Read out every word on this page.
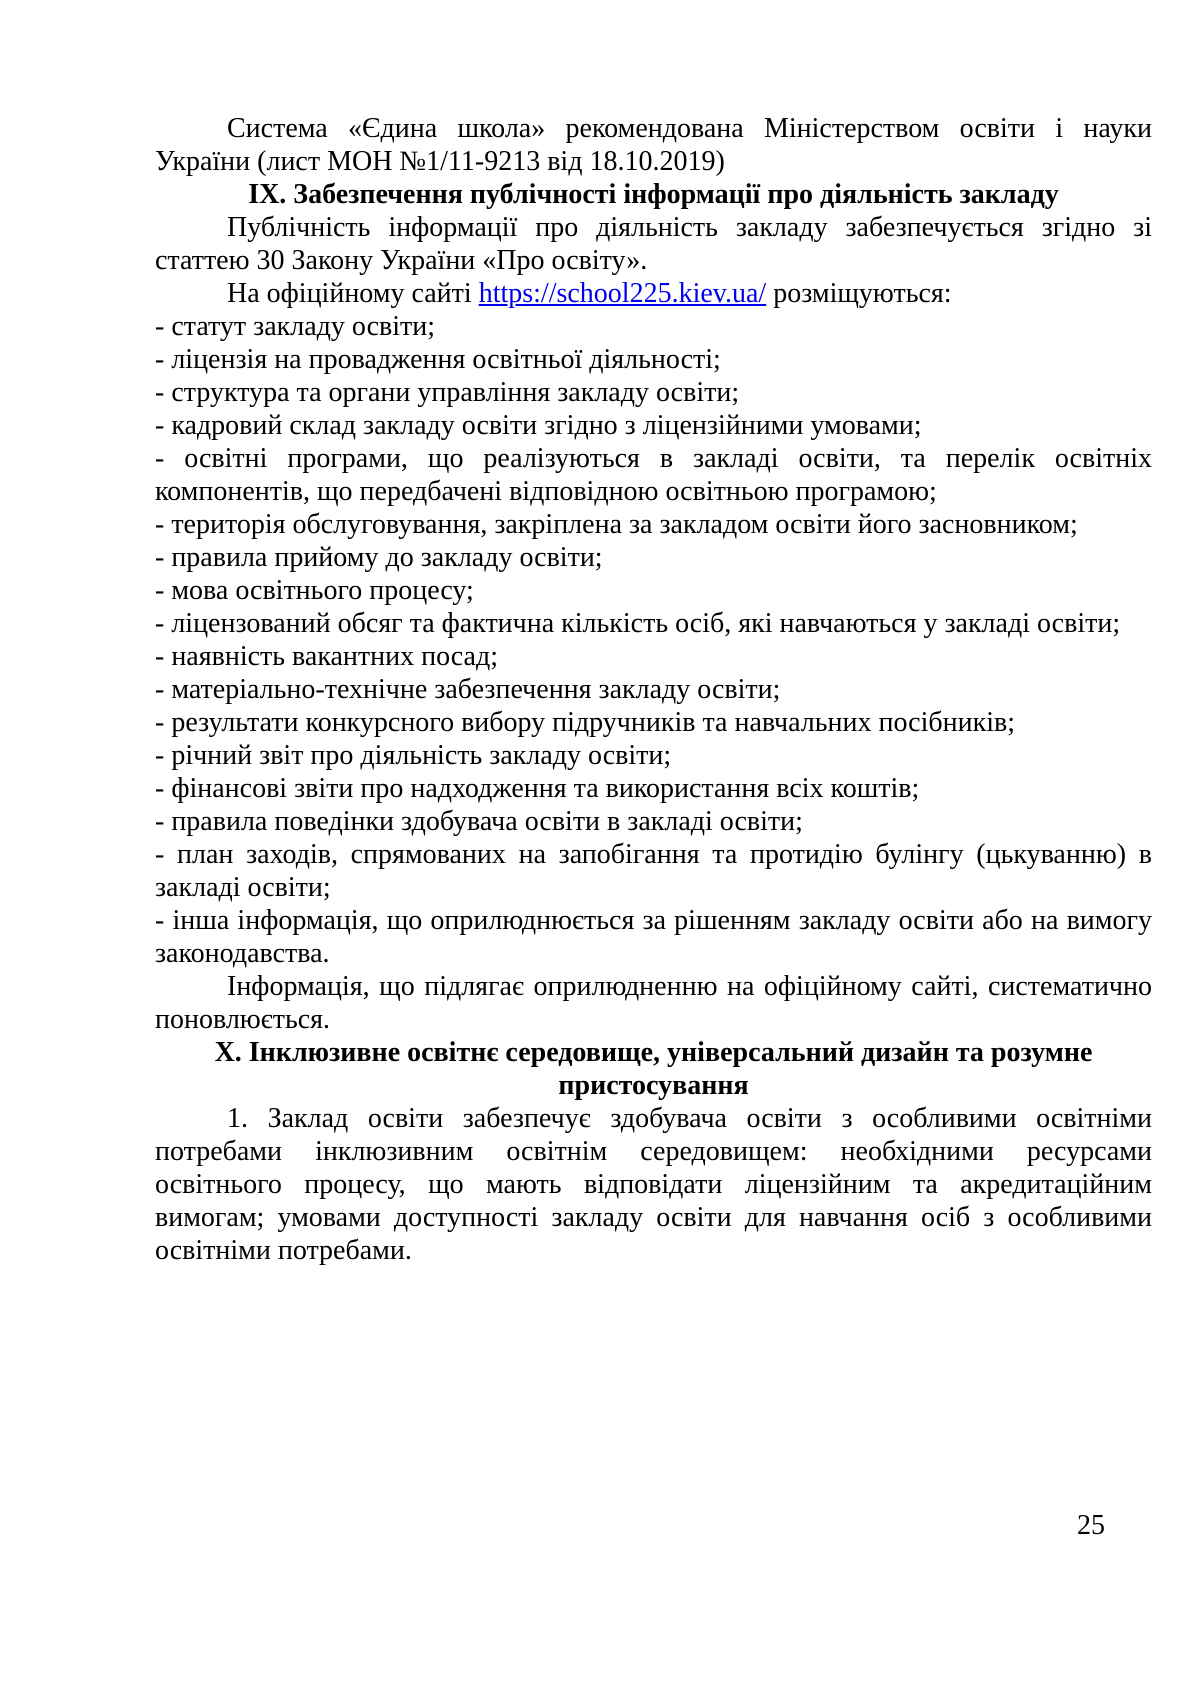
Система «Єдина школа» рекомендована Міністерством освіти і науки України (лист МОН №1/11-9213 від 18.10.2019)

IX. Забезпечення публічності інформації про діяльність закладу

Публічність інформації про діяльність закладу забезпечується згідно зі статтею 30 Закону України «Про освіту».

На офіційному сайті https://school225.kiev.ua/ розміщуються:

- статут закладу освіти;

- ліцензія на провадження освітньої діяльності;

- структура та органи управління закладу освіти;

- кадровий склад закладу освіти згідно з ліцензійними умовами;

- освітні програми, що реалізуються в закладі освіти, та перелік освітніх компонентів, що передбачені відповідною освітньою програмою;

- територія обслуговування, закріплена за закладом освіти його засновником;

- правила прийому до закладу освіти;

- мова освітнього процесу;

- ліцензований обсяг та фактична кількість осіб, які навчаються у закладі освіти;

- наявність вакантних посад;

- матеріально-технічне забезпечення закладу освіти;

- результати конкурсного вибору підручників та навчальних посібників;

- річний звіт про діяльність закладу освіти;

- фінансові звіти про надходження та використання всіх коштів;

- правила поведінки здобувача освіти в закладі освіти;

- план заходів, спрямованих на запобігання та протидію булінгу (цькуванню) в закладі освіти;

- інша інформація, що оприлюднюється за рішенням закладу освіти або на вимогу законодавства.

Інформація, що підлягає оприлюдненню на офіційному сайті, систематично поновлюється.

X. Інклюзивне освітнє середовище, універсальний дизайн та розумне пристосування

1. Заклад освіти забезпечує здобувача освіти з особливими освітніми потребами інклюзивним освітнім середовищем: необхідними ресурсами освітнього процесу, що мають відповідати ліцензійним та акредитаційним вимогам; умовами доступності закладу освіти для навчання осіб з особливими освітніми потребами.

25
